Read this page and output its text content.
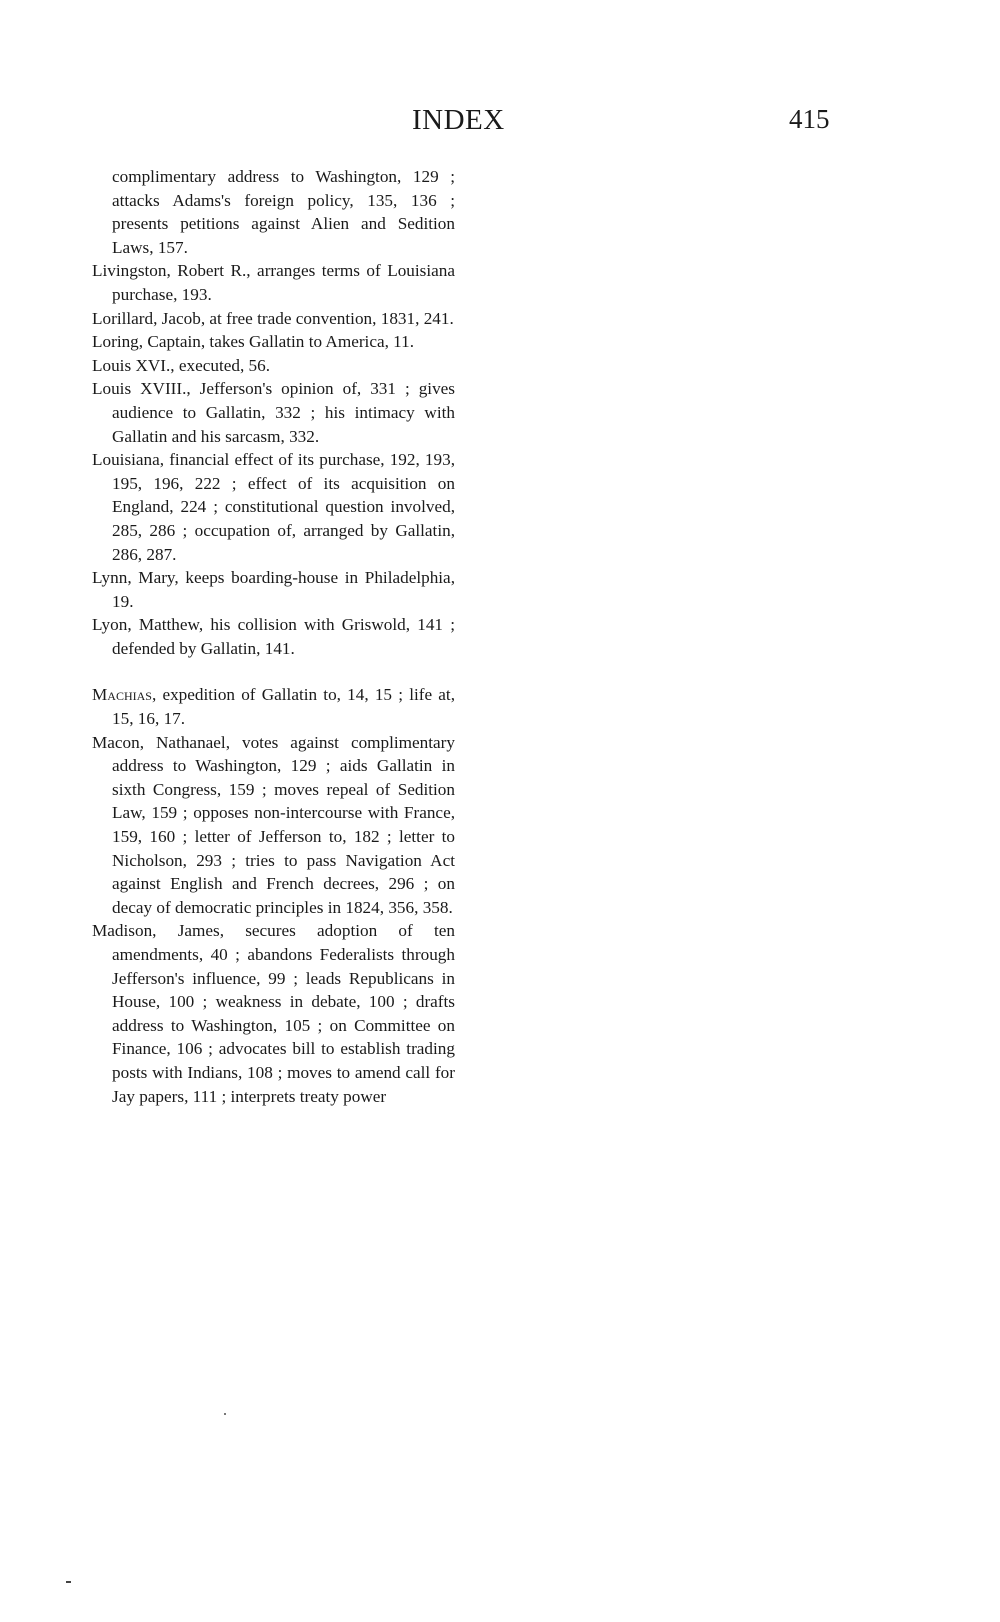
INDEX	415

complimentary address to Washington, 129 ; attacks Adams's foreign policy, 135, 136 ; presents petitions against Alien and Sedition Laws, 157.

Livingston, Robert R., arranges terms of Louisiana purchase, 193.

Lorillard, Jacob, at free trade convention, 1831, 241.

Loring, Captain, takes Gallatin to America, 11.

Louis XVI., executed, 56.

Louis XVIII., Jefferson's opinion of, 331 ; gives audience to Gallatin, 332 ; his intimacy with Gallatin and his sarcasm, 332.

Louisiana, financial effect of its purchase, 192, 193, 195, 196, 222 ; effect of its acquisition on England, 224 ; constitutional question involved, 285, 286 ; occupation of, arranged by Gallatin, 286, 287.

Lynn, Mary, keeps boarding-house in Philadelphia, 19.

Lyon, Matthew, his collision with Griswold, 141 ; defended by Gallatin, 141.

Machias, expedition of Gallatin to, 14, 15 ; life at, 15, 16, 17.

Macon, Nathanael, votes against complimentary address to Washington, 129 ; aids Gallatin in sixth Congress, 159 ; moves repeal of Sedition Law, 159 ; opposes non-intercourse with France, 159, 160 ; letter of Jefferson to, 182 ; letter to Nicholson, 293 ; tries to pass Navigation Act against English and French decrees, 296 ; on decay of democratic principles in 1824, 356, 358.

Madison, James, secures adoption of ten amendments, 40 ; abandons Federalists through Jefferson's influence, 99 ; leads Republicans in House, 100 ; weakness in debate, 100 ; drafts address to Washington, 105 ; on Committee on Finance, 106 ; advocates bill to establish trading posts with Indians, 108 ; moves to amend call for Jay papers, 111 ; interprets treaty power
